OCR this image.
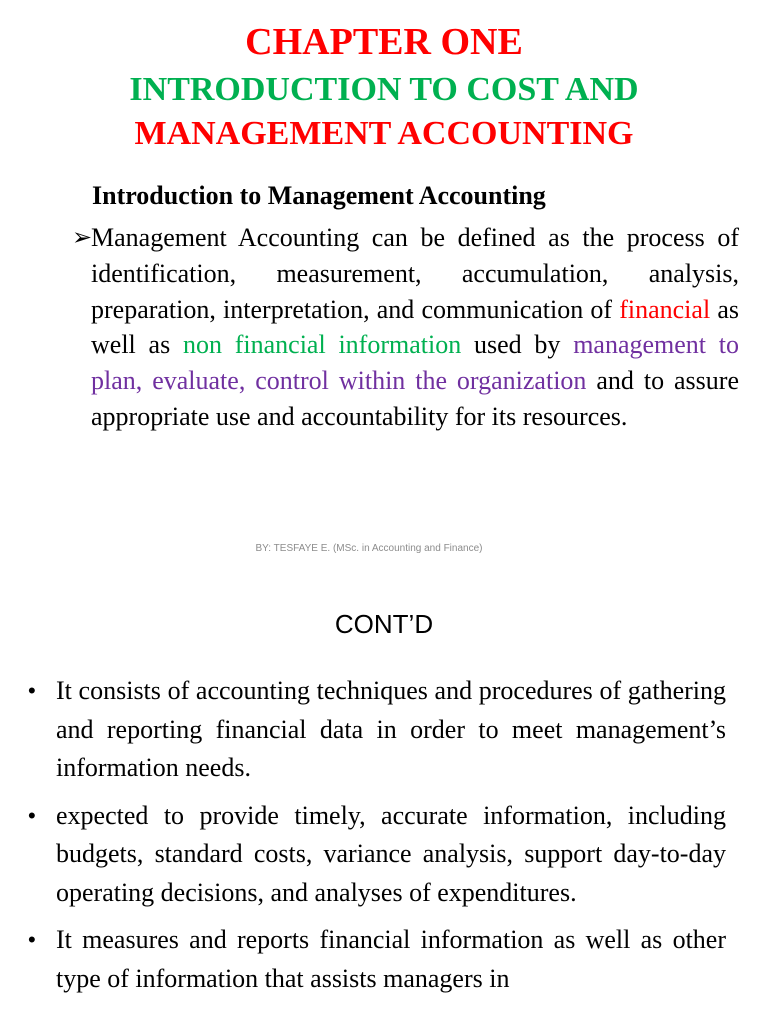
CHAPTER ONE
INTRODUCTION TO COST AND
MANAGEMENT ACCOUNTING
Introduction to Management Accounting
➢
Management Accounting can be defined as the process of identification, measurement, accumulation, analysis, preparation, interpretation, and communication of financial as well as non financial information used by management to plan, evaluate, control within the organization and to assure appropriate use and accountability for its resources.
BY: TESFAYE E. (MSc. in Accounting and Finance)
CONT’D
• It consists of accounting techniques and procedures of gathering and reporting financial data in order to meet management’s information needs.
• expected to provide timely, accurate information, including budgets, standard costs, variance analysis, support day-to-day operating decisions, and analyses of expenditures.
• It measures and reports financial information as well as other type of information that assists managers in
